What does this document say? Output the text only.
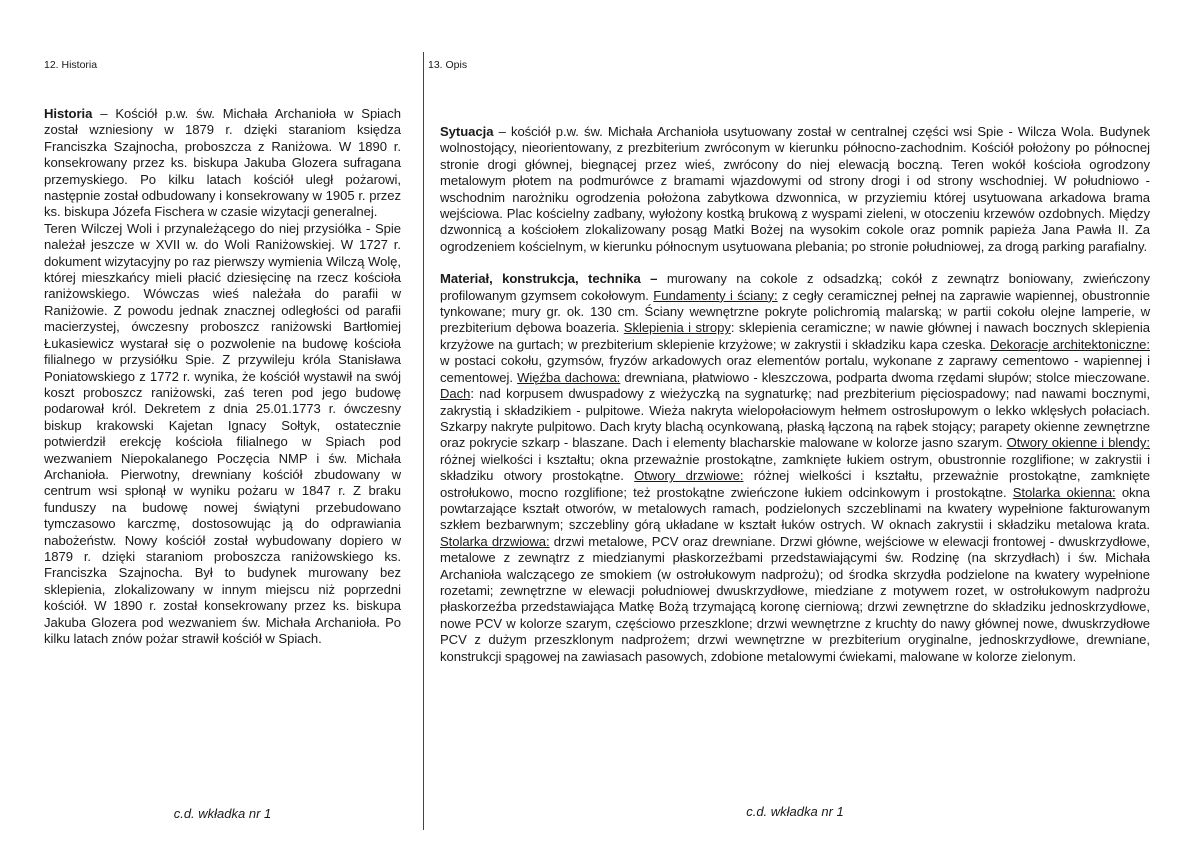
12. Historia	13. Opis

Historia – Kościół p.w. św. Michała Archanioła w Spiach został wzniesiony w 1879 r. dzięki staraniom księdza Franciszka Szajnocha, proboszcza z Raniżowa. W 1890 r. konsekrowany przez ks. biskupa Jakuba Glozera sufragana przemyskiego. Po kilku latach kościół uległ pożarowi, następnie został odbudowany i konsekrowany w 1905 r. przez ks. biskupa Józefa Fischera w czasie wizytacji generalnej.

Teren Wilczej Woli i przynależącego do niej przysiółka - Spie należał jeszcze w XVII w. do Woli Raniżowskiej. W 1727 r. dokument wizytacyjny po raz pierwszy wymienia Wilczą Wolę, której mieszkańcy mieli płacić dziesięcinę na rzecz kościoła raniżowskiego. Wówczas wieś należała do parafii w Raniżowie. Z powodu jednak znacznej odległości od parafii macierzystej, ówczesny proboszcz raniżowski Bartłomiej Łukasiewicz wystarał się o pozwolenie na budowę kościoła filialnego w przysiółku Spie. Z przywileju króla Stanisława Poniatowskiego z 1772 r. wynika, że kościół wystawił na swój koszt proboszcz raniżowski, zaś teren pod jego budowę podarował król. Dekretem z dnia 25.01.1773 r. ówczesny biskup krakowski Kajetan Ignacy Sołtyk, ostatecznie potwierdził erekcję kościoła filialnego w Spiach pod wezwaniem Niepokalanego Poczęcia NMP i św. Michała Archanioła. Pierwotny, drewniany kościół zbudowany w centrum wsi spłonął w wyniku pożaru w 1847 r. Z braku funduszy na budowę nowej świątyni przebudowano tymczasowo karczmę, dostosowując ją do odprawiania nabożeństw. Nowy kościół został wybudowany dopiero w 1879 r. dzięki staraniom proboszcza raniżowskiego ks. Franciszka Szajnocha. Był to budynek murowany bez sklepienia, zlokalizowany w innym miejscu niż poprzedni kościół. W 1890 r. został konsekrowany przez ks. biskupa Jakuba Glozera pod wezwaniem św. Michała Archanioła. Po kilku latach znów pożar strawił kościół w Spiach.

c.d. wkładka nr 1

Sytuacja – kościół p.w. św. Michała Archanioła usytuowany został w centralnej części wsi Spie - Wilcza Wola. Budynek wolnostojący, nieorientowany, z prezbiterium zwróconym w kierunku północno-zachodnim. Kościół położony po północnej stronie drogi głównej, biegnącej przez wieś, zwrócony do niej elewacją boczną. Teren wokół kościoła ogrodzony metalowym płotem na podmurówce z bramami wjazdowymi od strony drogi i od strony wschodniej. W południowo - wschodnim narożniku ogrodzenia położona zabytkowa dzwonnica, w przyziemiu której usytuowana arkadowa brama wejściowa. Plac kościelny zadbany, wyłożony kostką brukową z wyspami zieleni, w otoczeniu krzewów ozdobnych. Między dzwonnicą a kościołem zlokalizowany posąg Matki Bożej na wysokim cokole oraz pomnik papieża Jana Pawła II. Za ogrodzeniem kościelnym, w kierunku północnym usytuowana plebania; po stronie południowej, za drogą parking parafialny.

Materiał, konstrukcja, technika – murowany na cokole z odsadzką; cokół z zewnątrz boniowany, zwieńczony profilowanym gzymsem cokołowym. Fundamenty i ściany: z cegły ceramicznej pełnej na zaprawie wapiennej, obustronnie tynkowane; mury gr. ok. 130 cm. Ściany wewnętrzne pokryte polichromią malarską; w partii cokołu olejne lamperie, w prezbiterium dębowa boazeria. Sklepienia i stropy: sklepienia ceramiczne; w nawie głównej i nawach bocznych sklepienia krzyżowe na gurtach; w prezbiterium sklepienie krzyżowe; w zakrystii i składziku kapa czeska. Dekoracje architektoniczne: w postaci cokołu, gzymsów, fryzów arkadowych oraz elementów portalu, wykonane z zaprawy cementowo - wapiennej i cementowej. Więźba dachowa: drewniana, płatwiowo - kleszczowa, podparta dwoma rzędami słupów; stolce mieczowane. Dach: nad korpusem dwuspadowy z wieżyczką na sygnaturkę; nad prezbiterium pięciospadowy; nad nawami bocznymi, zakrystią i składzikiem - pulpitowe. Wieża nakryta wielopołaciowym hełmem ostrosłupowym o lekko wklęsłych połaciach. Szkarpy nakryte pulpitowo. Dach kryty blachą ocynkowaną, płaską łączoną na rąbek stojący; parapety okienne zewnętrzne oraz pokrycie szkarp - blaszane. Dach i elementy blacharskie malowane w kolorze jasno szarym. Otwory okienne i blendy: różnej wielkości i kształtu; okna przeważnie prostokątne, zamknięte łukiem ostrym, obustronnie rozglifione; w zakrystii i składziku otwory prostokątne. Otwory drzwiowe: różnej wielkości i kształtu, przeważnie prostokątne, zamknięte ostrołukowo, mocno rozglifione; też prostokątne zwieńczone łukiem odcinkowym i prostokątne. Stolarka okienna: okna powtarzające kształt otworów, w metalowych ramach, podzielonych szczeblinami na kwatery wypełnione fakturowanym szkłem bezbarwnym; szczebliny górą układane w kształt łuków ostrych. W oknach zakrystii i składziku metalowa krata. Stolarka drzwiowa: drzwi metalowe, PCV oraz drewniane. Drzwi główne, wejściowe w elewacji frontowej - dwuskrzydłowe, metalowe z zewnątrz z miedzianymi płaskorzeźbami przedstawiającymi św. Rodzinę (na skrzydłach) i św. Michała Archanioła walczącego ze smokiem (w ostrołukowym nadprożu); od środka skrzydła podzielone na kwatery wypełnione rozetami; zewnętrzne w elewacji południowej dwuskrzydłowe, miedziane z motywem rozet, w ostrołukowym nadprożu płaskorzeźba przedstawiająca Matkę Bożą trzymającą koronę cierniową; drzwi zewnętrzne do składziku jednoskrzydłowe, nowe PCV w kolorze szarym, częściowo przeszklone; drzwi wewnętrzne z kruchty do nawy głównej nowe, dwuskrzydłowe PCV z dużym przeszklonym nadprożem; drzwi wewnętrzne w prezbiterium oryginalne, jednoskrzydłowe, drewniane, konstrukcji spągowej na zawiasach pasowych, zdobione metalowymi ćwiekami, malowane w kolorze zielonym.

c.d. wkładka nr 1
